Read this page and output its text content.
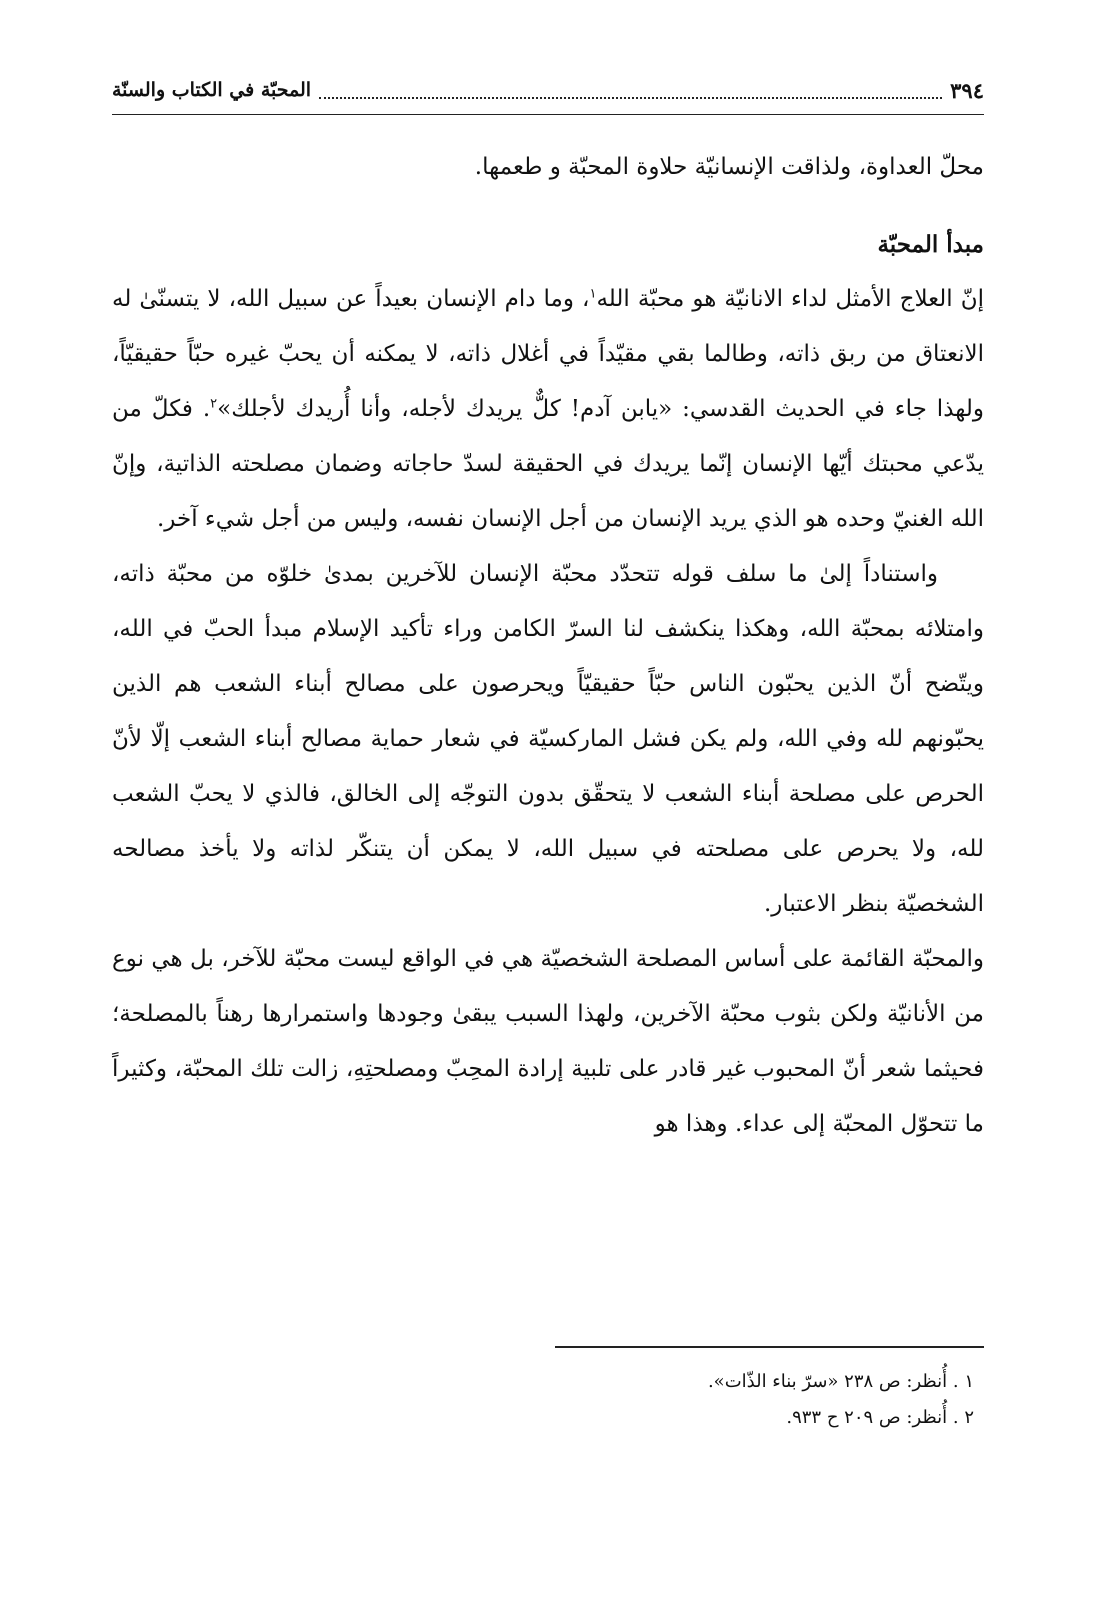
٣٩٤
المحبّة في الكتاب والسنّة

محلّ العداوة، ولذاقت الإنسانيّة حلاوة المحبّة و طعمها.

مبدأ المحبّة

إنّ العلاج الأمثل لداء الانانيّة هو محبّة الله$^١$، وما دام الإنسان بعيداً عن سبيل الله، لا يتسنّىٰ له الانعتاق من ربق ذاته، وطالما بقي مقيّداً في أغلال ذاته، لا يمكنه أن يحبّ غيره حبّاً حقيقيّاً، ولهذا جاء في الحديث القدسي: «يابن آدم! كلٌّ يريدك لأجله، وأنا أُريدك لأجلك»$^٢$. فكلّ من يدّعي محبتك أيّها الإنسان إنّما يريدك في الحقيقة لسدّ حاجاته وضمان مصلحته الذاتية، وإنّ الله الغنيّ وحده هو الذي يريد الإنسان من أجل الإنسان نفسه، وليس من أجل شيء آخر.

واستناداً إلىٰ ما سلف قوله تتحدّد محبّة الإنسان للآخرين بمدىٰ خلوّه من محبّة ذاته، وامتلائه بمحبّة الله، وهكذا ينكشف لنا السرّ الكامن وراء تأكيد الإسلام مبدأ الحبّ في الله، ويتّضح أنّ الذين يحبّون الناس حبّاً حقيقيّاً ويحرصون على مصالح أبناء الشعب هم الذين يحبّونهم لله وفي الله، ولم يكن فشل الماركسيّة في شعار حماية مصالح أبناء الشعب إلّا لأنّ الحرص على مصلحة أبناء الشعب لا يتحقّق بدون التوجّه إلى الخالق، فالذي لا يحبّ الشعب لله، ولا يحرص على مصلحته في سبيل الله، لا يمكن أن يتنكّر لذاته ولا يأخذ مصالحه الشخصيّة بنظر الاعتبار.

والمحبّة القائمة على أساس المصلحة الشخصيّة هي في الواقع ليست محبّة للآخر، بل هي نوع من الأنانيّة ولكن بثوب محبّة الآخرين، ولهذا السبب يبقىٰ وجودها واستمرارها رهناً بالمصلحة؛ فحيثما شعر أنّ المحبوب غير قادر على تلبية إرادة المحِبّ ومصلحتِهِ، زالت تلك المحبّة، وكثيراً ما تتحوّل المحبّة إلى عداء. وهذا هو

١ . أُنظر: ص ٢٣٨ «سرّ بناء الذّات».

٢ . أُنظر: ص ٢٠٩ ح ٩٣٣.
